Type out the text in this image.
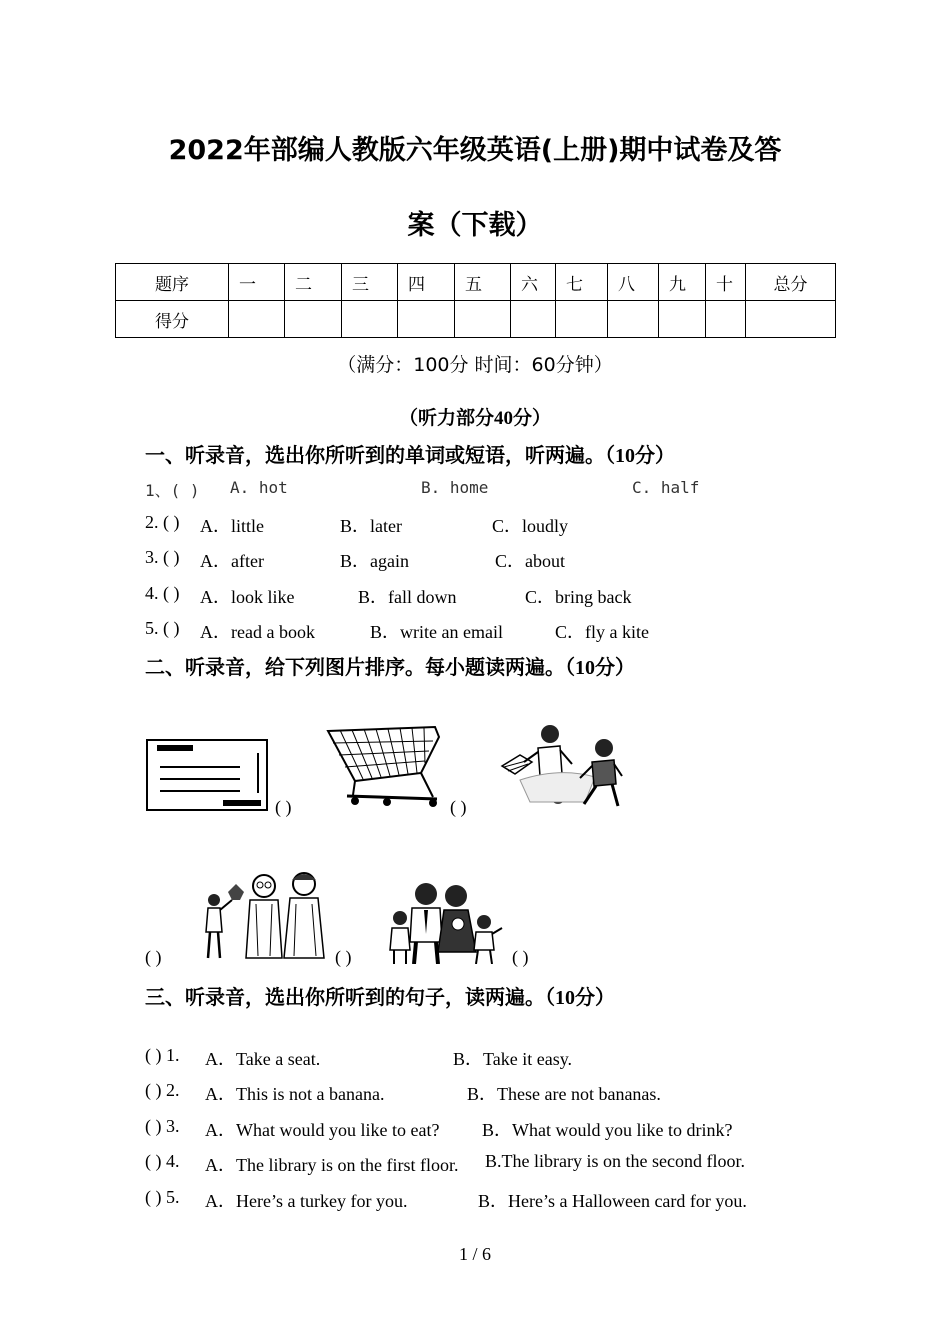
2022年部编人教版六年级英语(上册)期中试卷及答
案（下载）
题序	一	二	三	四	五	六	七	八	九	十	总分
得分											
（满分：100分 时间：60分钟）
（听力部分40分）
一、听录音，选出你所听到的单词或短语，听两遍。（10分）
1、( ) A. hot	B. home	C. half
2. ( ) A．little	B．later	C．loudly
3. ( ) A．after	B．again	C．about
4. ( ) A．look like	B．fall down	C．bring back
5. ( ) A．read a book	B．write an email	C．fly a kite
二、听录音，给下列图片排序。每小题读两遍。（10分）
( )	( )
( )	( )	( )
三、听录音，选出你所听到的句子，读两遍。（10分）
( ) 1. A．Take a seat.	B．Take it easy.
( ) 2. A．This is not a banana.	B．These are not bananas.
( ) 3. A．What would you like to eat? B．What would you like to drink?
( ) 4. A．The library is on the first floor. B.The library is on the second floor.
( ) 5. A．Here’s a turkey for you.	B．Here’s a Halloween card for you.
1 / 6
